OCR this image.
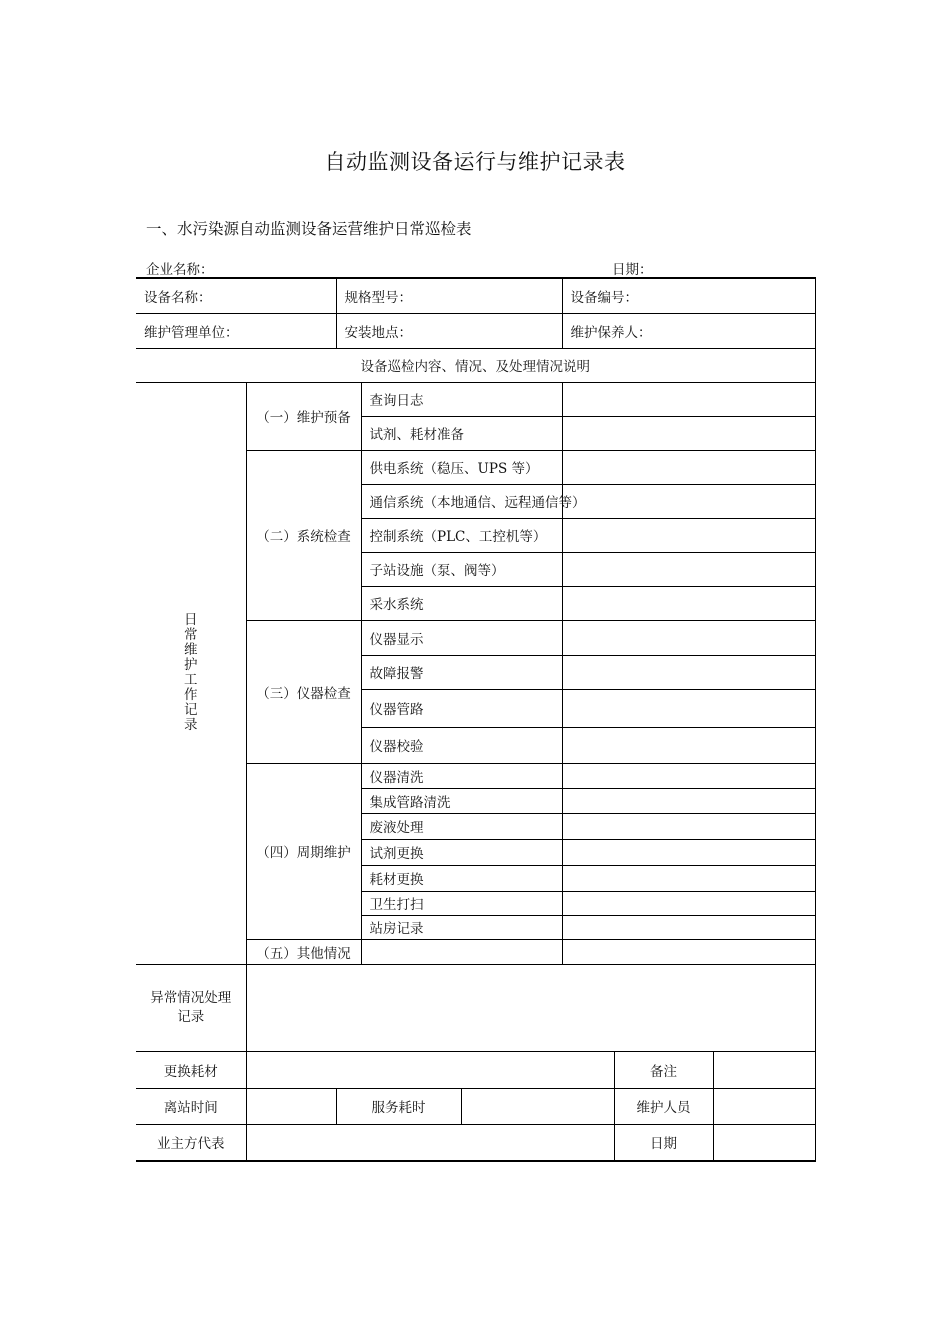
自动监测设备运行与维护记录表
一、水污染源自动监测设备运营维护日常巡检表
企业名称：	日期：
设备名称：		规格型号：			设备编号：		
维护管理单位：		安装地点：			维护保养人：		
设备巡检内容、情况、及处理情况说明							

日常维护工作记录	（一）维护预备		查询日志				
			试剂、耗材准备				
	（二）系统检查		供电系统（稳压、UPS 等）				
			通信系统（本地通信、远程通信等）				
			控制系统（PLC、工控机等）				
			子站设施（泵、阀等）				
			采水系统				
	（三）仪器检查		仪器显示				
			故障报警				
			仪器管路				
			仪器校验				
	（四）周期维护		仪器清洗				
			集成管路清洗				
			废液处理				
			试剂更换				
			耗材更换				
			卫生打扫				
			站房记录				
	（五）其他情况						

异常情况处理记录							

更换耗材						备注	
离站时间		服务耗时				维护人员	
业主方代表						日期	
